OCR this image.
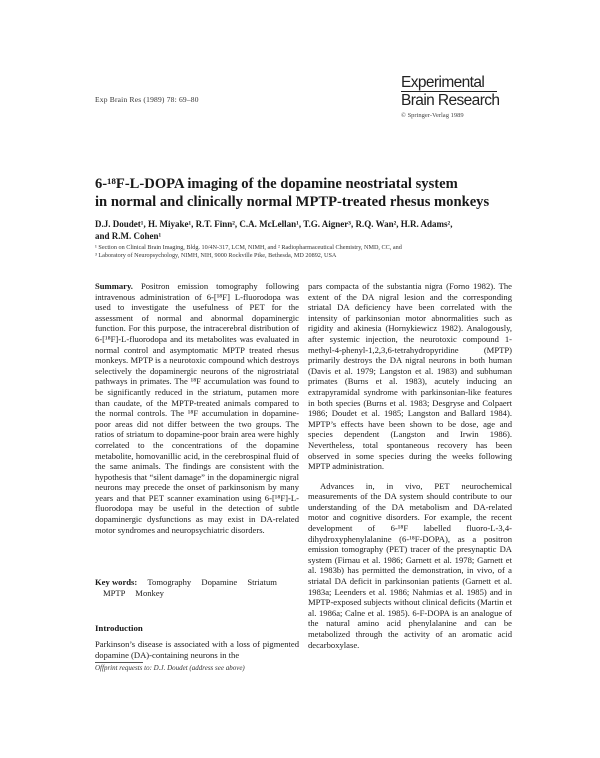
Exp Brain Res (1989) 78: 69–80
Experimental
Brain Research
© Springer-Verlag 1989
6-¹⁸F-L-DOPA imaging of the dopamine neostriatal system
in normal and clinically normal MPTP-treated rhesus monkeys
D.J. Doudet¹, H. Miyake¹, R.T. Finn², C.A. McLellan¹, T.G. Aigner³, R.Q. Wan², H.R. Adams²,
and R.M. Cohen¹
¹ Section on Clinical Brain Imaging, Bldg. 10/4N-317, LCM, NIMH, and ² Radiopharmaceutical Chemistry, NMD, CC, and
³ Laboratory of Neuropsychology, NIMH, NIH, 9000 Rockville Pike, Bethesda, MD 20892, USA

Summary. Positron emission tomography following intravenous administration of 6-[¹⁸F] L-fluorodopa was used to investigate the usefulness of PET for the assessment of normal and abnormal dopaminergic function. For this purpose, the intracerebral distribution of 6-[¹⁸F]-L-fluorodopa and its metabolites was evaluated in normal control and asymptomatic MPTP treated rhesus monkeys. MPTP is a neurotoxic compound which destroys selectively the dopaminergic neurons of the nigrostriatal pathways in primates. The ¹⁸F accumulation was found to be significantly reduced in the striatum, putamen more than caudate, of the MPTP-treated animals compared to the normal controls. The ¹⁸F accumulation in dopamine-poor areas did not differ between the two groups. The ratios of striatum to dopamine-poor brain area were highly correlated to the concentrations of the dopamine metabolite, homovanillic acid, in the cerebrospinal fluid of the same animals. The findings are consistent with the hypothesis that “silent damage” in the dopaminergic nigral neurons may precede the onset of parkinsonism by many years and that PET scanner examination using 6-[¹⁸F]-L-fluorodopa may be useful in the detection of subtle dopaminergic dysfunctions as may exist in DA-related motor syndromes and neuropsychiatric disorders.

Key words: Tomography Dopamine Striatum MPTP Monkey
Introduction
Parkinson’s disease is associated with a loss of pigmented dopamine (DA)-containing neurons in the
Offprint requests to: D.J. Doudet (address see above)

pars compacta of the substantia nigra (Forno 1982). The extent of the DA nigral lesion and the corresponding striatal DA deficiency have been correlated with the intensity of parkinsonian motor abnormalities such as rigidity and akinesia (Hornykiewicz 1982). Analogously, after systemic injection, the neurotoxic compound 1-methyl-4-phenyl-1,2,3,6-tetrahydropyridine (MPTP) primarily destroys the DA nigral neurons in both human (Davis et al. 1979; Langston et al. 1983) and subhuman primates (Burns et al. 1983), acutely inducing an extrapyramidal syndrome with parkinsonian-like features in both species (Burns et al. 1983; Desgryse and Colpaert 1986; Doudet et al. 1985; Langston and Ballard 1984). MPTP’s effects have been shown to be dose, age and species dependent (Langston and Irwin 1986). Nevertheless, total spontaneous recovery has been observed in some species during the weeks following MPTP administration.

Advances in, in vivo, PET neurochemical measurements of the DA system should contribute to our understanding of the DA metabolism and DA-related motor and cognitive disorders. For example, the recent development of 6-¹⁸F labelled fluoro-L-3,4-dihydroxyphenylalanine (6-¹⁸F-DOPA), as a positron emission tomography (PET) tracer of the presynaptic DA system (Firnau et al. 1986; Garnett et al. 1978; Garnett et al. 1983b) has permitted the demonstration, in vivo, of a striatal DA deficit in parkinsonian patients (Garnett et al. 1983a; Leenders et al. 1986; Nahmias et al. 1985) and in MPTP-exposed subjects without clinical deficits (Martin et al. 1986a; Calne et al. 1985). 6-F-DOPA is an analogue of the natural amino acid phenylalanine and can be metabolized through the activity of an aromatic acid decarboxylase.
